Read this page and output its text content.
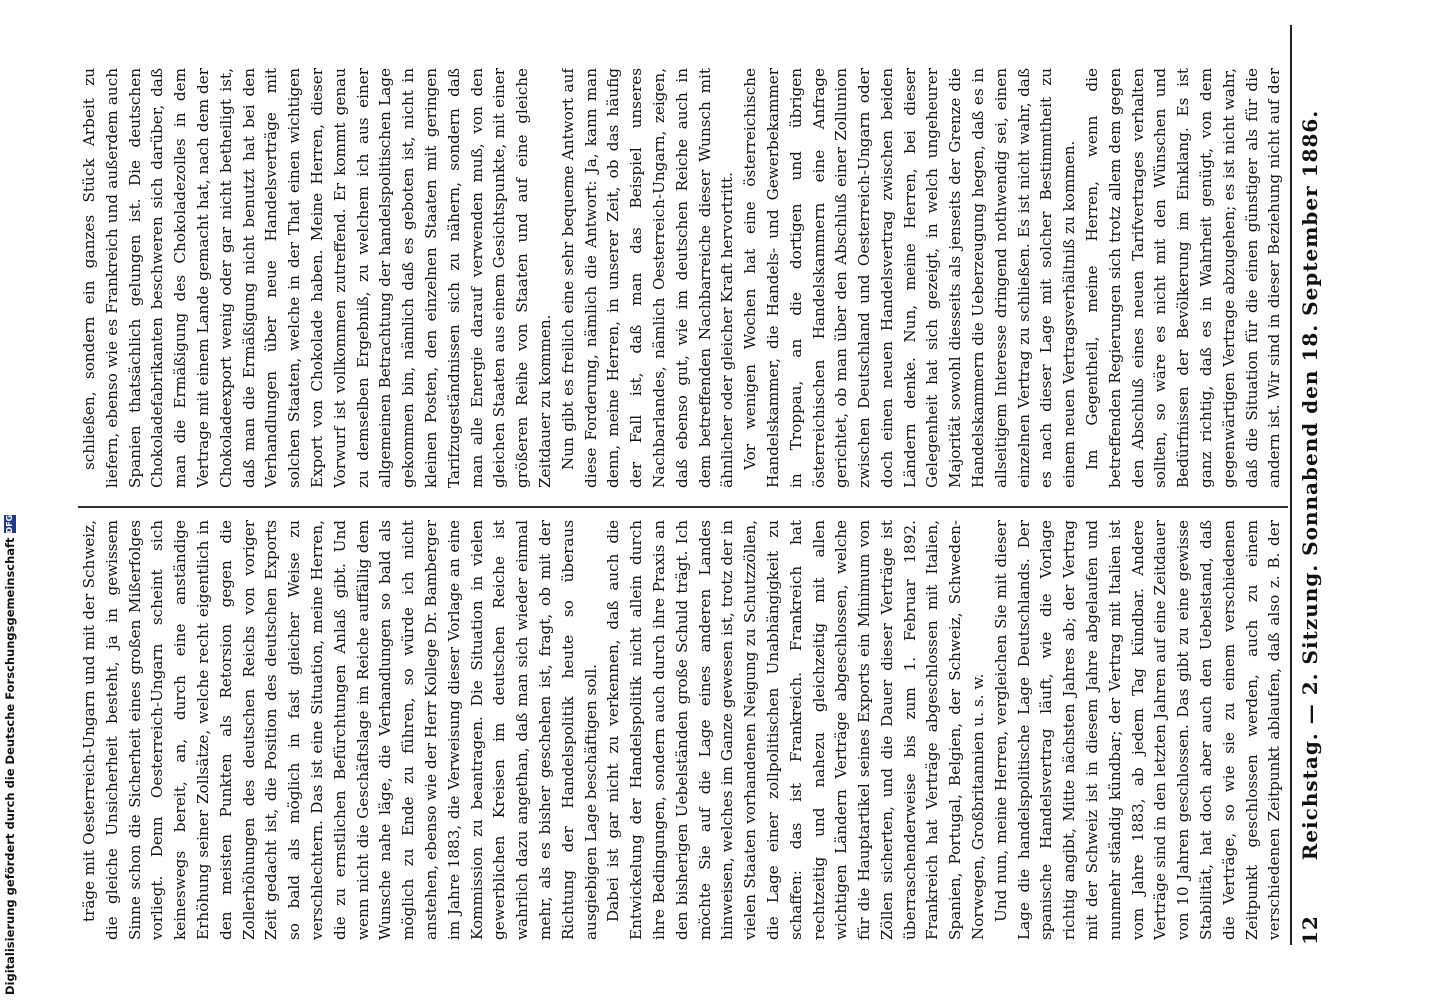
12
Reichstag. — 2. Sitzung. Sonnabend den 18. September 1886.

träge mit Oesterreich-Ungarn und mit der Schweiz, die gleiche Unsicherheit besteht, ja in gewissem Sinne schon die Sicherheit eines großen Mißerfolges vorliegt. Denn Oesterreich-Ungarn scheint sich keineswegs bereit, an, durch eine anständige Erhöhung seiner Zollsätze, welche recht eigentlich in den meisten Punkten als Retorsion gegen die Zollerhöhungen des deutschen Reichs von voriger Zeit gedacht ist, die Position des deutschen Exports so bald als möglich in fast gleicher Weise zu verschlechtern. Das ist eine Situation, meine Herren, die zu ernstlichen Befürchtungen Anlaß gibt. Und wenn nicht die Geschäftslage im Reiche auffällig dem Wunsche nahe läge, die Verhandlungen so bald als möglich zu Ende zu führen, so würde ich nicht anstehen, ebenso wie der Herr Kollege Dr. Bamberger im Jahre 1883, die Verweisung dieser Vorlage an eine Kommission zu beantragen. Die Situation in vielen gewerblichen Kreisen im deutschen Reiche ist wahrlich dazu angethan, daß man sich wieder einmal mehr, als es bisher geschehen ist, fragt, ob mit der Richtung der Handelspolitik heute so überaus ausgiebigen Lage beschäftigen soll. Dabei ist gar nicht zu verkennen, daß auch die Entwickelung der Handelspolitik nicht allein durch ihre Bedingungen, sondern auch durch ihre Praxis an den bisherigen Uebelständen große Schuld trägt. Ich möchte Sie auf die Lage eines anderen Landes hinweisen, welches im Ganze gewesen ist, trotz der in vielen Staaten vorhandenen Neigung zu Schutzzöllen, die Lage einer zollpolitischen Unabhängigkeit zu schaffen: das ist Frankreich. Frankreich hat rechtzeitig und nahezu gleichzeitig mit allen wichtigen Ländern Verträge abgeschlossen, welche für die Hauptartikel seines Exports ein Minimum von Zöllen sicherten, und die Dauer dieser Verträge ist überraschenderweise bis zum 1. Februar 1892. Frankreich hat Verträge abgeschlossen mit Italien, Spanien, Portugal, Belgien, der Schweiz, Schweden-Norwegen, Großbritannien u. s. w. Und nun, meine Herren, vergleichen Sie mit dieser Lage die handelspolitische Lage Deutschlands. Der spanische Handelsvertrag läuft, wie die Vorlage richtig angibt, Mitte nächsten Jahres ab; der Vertrag mit der Schweiz ist in diesem Jahre abgelaufen und nunmehr ständig kündbar; der Vertrag mit Italien ist vom Jahre 1883, ab jedem Tag kündbar. Andere Verträge sind in den letzten Jahren auf eine Zeitdauer von 10 Jahren geschlossen. Das gibt zu eine gewisse Stabilität, hat doch aber auch den Uebelstand, daß die Verträge, so wie sie zu einem verschiedenen Zeitpunkt geschlossen werden, auch zu einem verschiedenen Zeitpunkt ablaufen, daß also z. B. der

schließen, sondern ein ganzes Stück Arbeit zu liefern, ebenso wie es Frankreich und außerdem auch Spanien thatsächlich gelungen ist. Die deutschen Chokoladefabrikanten beschweren sich darüber, daß man die Ermäßigung des Chokoladezolles in dem Vertrage mit einem Lande gemacht hat, nach dem der Chokoladeexport wenig oder gar nicht betheiligt ist, daß man die Ermäßigung nicht benutzt hat bei den Verhandlungen über neue Handelsverträge mit solchen Staaten, welche in der That einen wichtigen Export von Chokolade haben. Meine Herren, dieser Vorwurf ist vollkommen zutreffend. Er kommt genau zu demselben Ergebniß, zu welchem ich aus einer allgemeinen Betrachtung der handelspolitischen Lage gekommen bin, nämlich daß es geboten ist, nicht in kleinen Posten, den einzelnen Staaten mit geringen Tarifzugeständnissen sich zu nähern, sondern daß man alle Energie darauf verwenden muß, von den gleichen Staaten aus einem Gesichtspunkte, mit einer größeren Reihe von Staaten und auf eine gleiche Zeitdauer zu kommen. Nun gibt es freilich eine sehr bequeme Antwort auf diese Forderung, nämlich die Antwort: Ja, kann man denn, meine Herren, in unserer Zeit, ob das häufig der Fall ist, daß man das Beispiel unseres Nachbarlandes, nämlich Oesterreich-Ungarn, zeigen, daß ebenso gut, wie im deutschen Reiche auch in dem betreffenden Nachbarreiche dieser Wunsch mit ähnlicher oder gleicher Kraft hervortritt. Vor wenigen Wochen hat eine österreichische Handelskammer, die Handels- und Gewerbekammer in Troppau, an die dortigen und übrigen österreichischen Handelskammern eine Anfrage gerichtet, ob man über den Abschluß einer Zollunion zwischen Deutschland und Oesterreich-Ungarn oder doch einen neuen Handelsvertrag zwischen beiden Ländern denke. Nun, meine Herren, bei dieser Gelegenheit hat sich gezeigt, in welch ungeheurer Majorität sowohl diesseits als jenseits der Grenze die Handelskammern die Ueberzeugung hegen, daß es in allseitigem Interesse dringend nothwendig sei, einen einzelnen Vertrag zu schließen. Es ist nicht wahr, daß es nach dieser Lage mit solcher Bestimmtheit zu einem neuen Vertragsverhältniß zu kommen. Im Gegentheil, meine Herren, wenn die betreffenden Regierungen sich trotz allem dem gegen den Abschluß eines neuen Tarifvertrages verhalten sollten, so wäre es nicht mit den Wünschen und Bedürfnissen der Bevölkerung im Einklang. Es ist ganz richtig, daß es in Wahrheit genügt, von dem gegenwärtigen Vertrage abzugehen; es ist nicht wahr, daß die Situation für die einen günstiger als für die andern ist. Wir sind in dieser Beziehung nicht auf der

Digitalisierung gefördert durch die Deutsche Forschungsgemeinschaft
DFG
